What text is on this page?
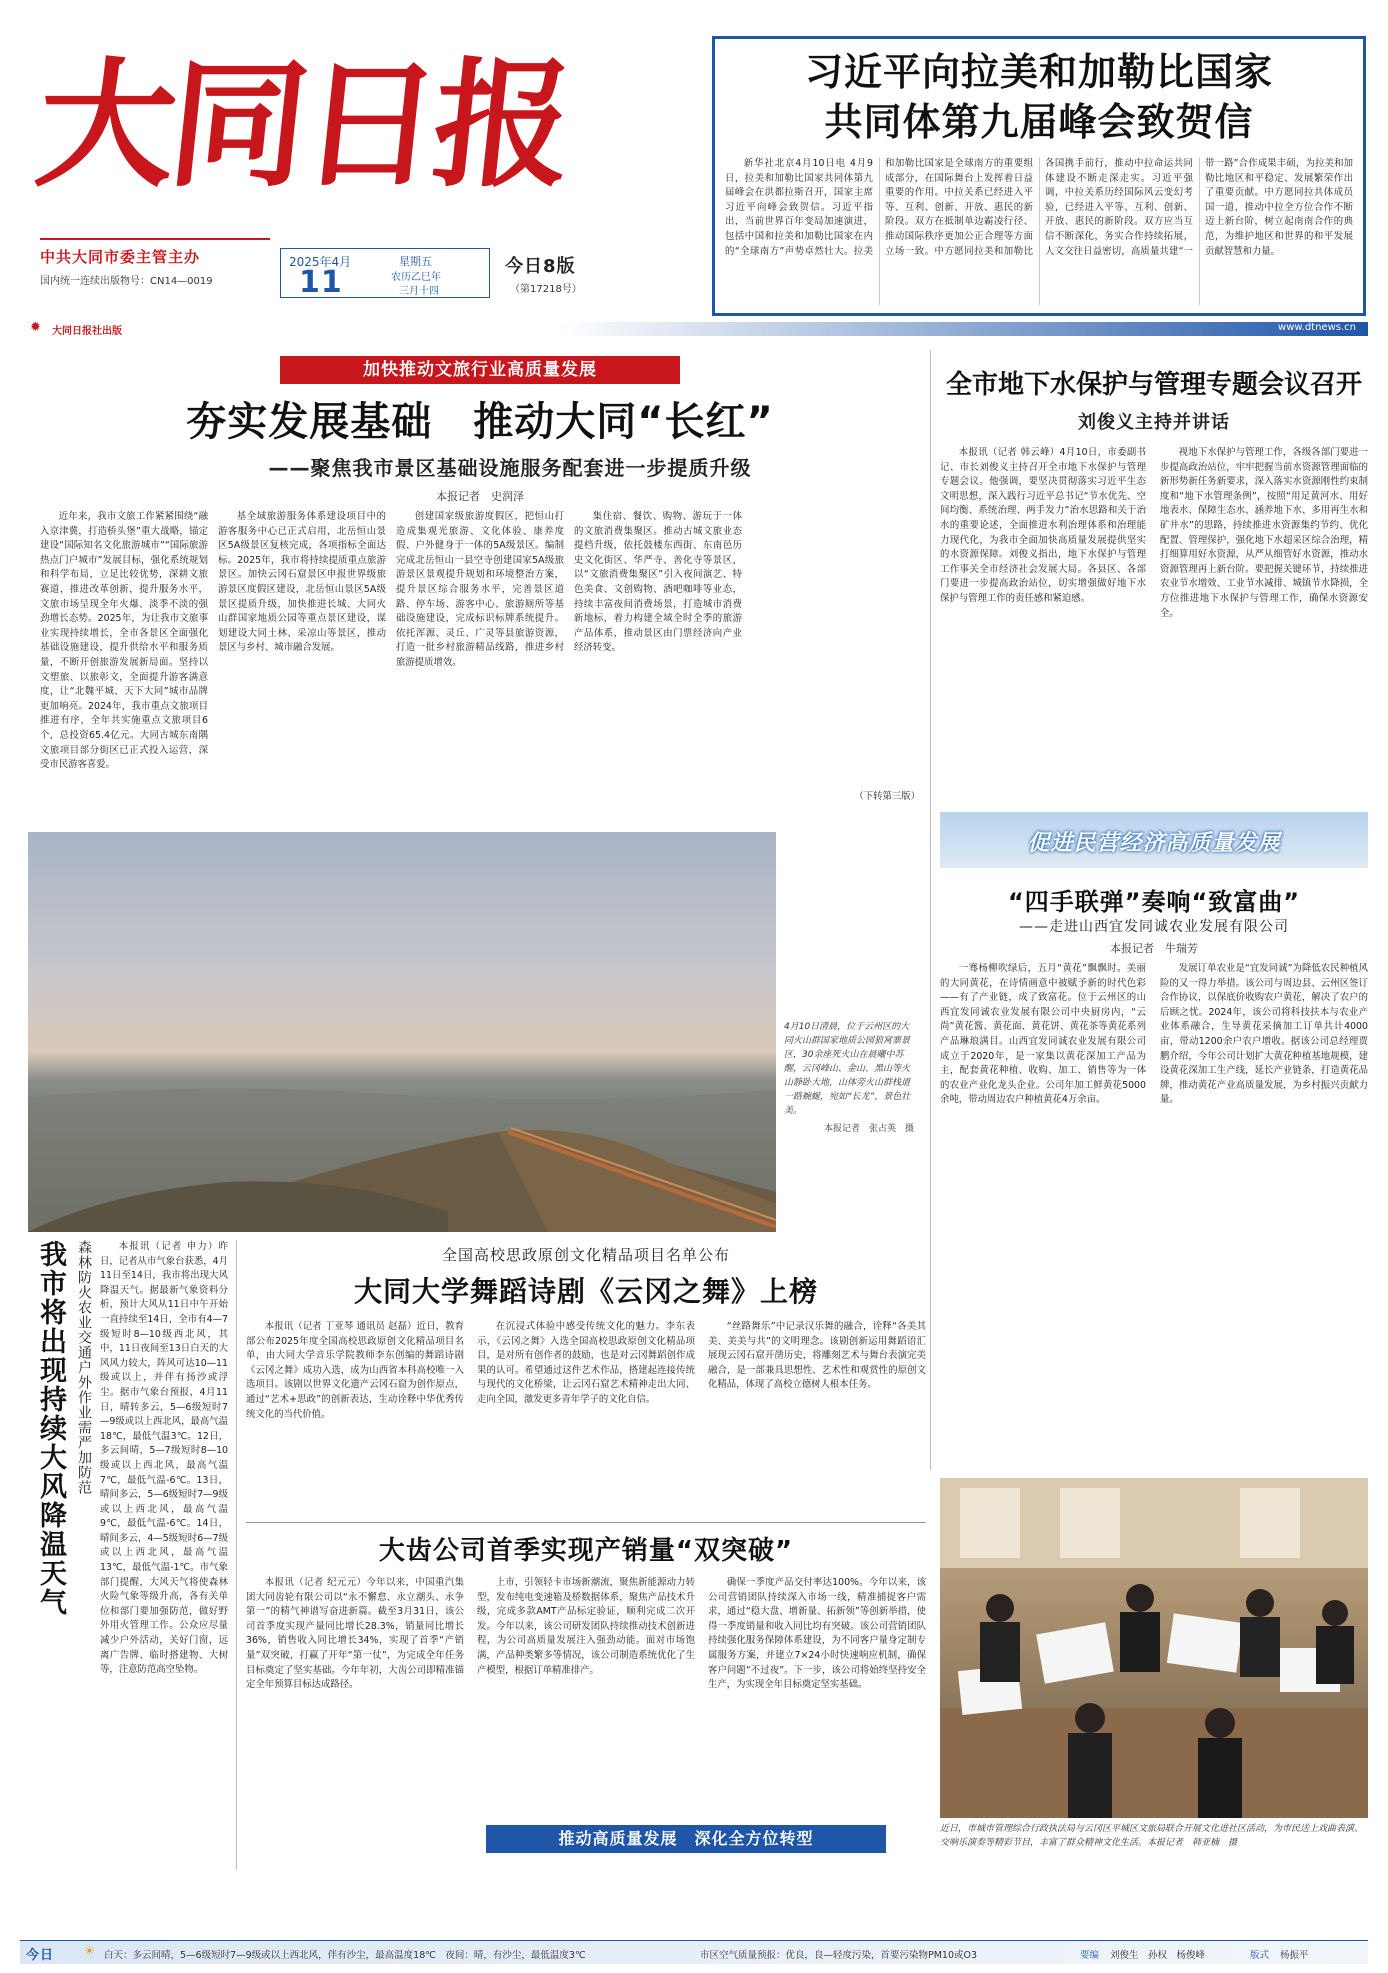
大同日报
中共大同市委主管主办
国内统一连续出版物号：CN14—0019
2025年4月
11
星期五
农历乙巳年
三月十四
今日8版
（第17218号）
习近平向拉美和加勒比国家
共同体第九届峰会致贺信
新华社北京4月10日电 4月9日，拉美和加勒比国家共同体第九届峰会在洪都拉斯召开，国家主席习近平向峰会致贺信。习近平指出，当前世界百年变局加速演进，包括中国和拉美和加勒比国家在内的“全球南方”声势卓然壮大。拉美和加勒比国家是全球南方的重要组成部分，在国际舞台上发挥着日益重要的作用。中拉关系已经进入平等、互利、创新、开放、惠民的新阶段。双方在抵制单边霸凌行径、推动国际秩序更加公正合理等方面立场一致。中方愿同拉美和加勒比各国携手前行，推动中拉命运共同体建设不断走深走实。习近平强调，中拉关系历经国际风云变幻考验，已经进入平等、互利、创新、开放、惠民的新阶段。双方应当互信不断深化，务实合作持续拓展，人文交往日益密切，高质量共建“一带一路”合作成果丰硕，为拉美和加勒比地区和平稳定、发展繁荣作出了重要贡献。中方愿同拉共体成员国一道，推动中拉全方位合作不断迈上新台阶，树立起南南合作的典范，为维护地区和世界的和平发展贡献智慧和力量。
✹ 大同日报社出版	www.dtnews.cn
加快推动文旅行业高质量发展
夯实发展基础　推动大同“长红”
——聚焦我市景区基础设施服务配套进一步提质升级
本报记者　史润泽
近年来，我市文旅工作紧紧围绕“融入京津冀，打造桥头堡”重大战略，锚定建设“国际知名文化旅游城市”“国际旅游热点门户城市”发展目标，强化系统规划和科学布局，立足比较优势，深耕文旅赛道，推进改革创新，提升服务水平，文旅市场呈现全年火爆、淡季不淡的强劲增长态势。2025年，为让我市文旅事业实现持续增长，全市各景区全面强化基础设施建设，提升供给水平和服务质量，不断开创旅游发展新局面。坚持以文塑旅、以旅彰文，全面提升游客满意度，让“北魏平城、天下大同”城市品牌更加响亮。2024年，我市重点文旅项目推进有序，全年共实施重点文旅项目6个，总投资65.4亿元。大同古城东南隅文旅项目部分街区已正式投入运营，深受市民游客喜爱。
基全域旅游服务体系建设项目中的游客服务中心已正式启用，北岳恒山景区5A级景区复核完成，各项指标全面达标。2025年，我市将持续提质重点旅游景区。加快云冈石窟景区申报世界级旅游景区度假区建设，北岳恒山景区5A级景区提质升级，加快推进长城、大同火山群国家地质公园等重点景区建设，谋划建设大同土林、采凉山等景区，推动景区与乡村、城市融合发展。
创建国家级旅游度假区，把恒山打造成集观光旅游、文化体验、康养度假、户外健身于一体的5A级景区。编制完成北岳恒山一县空寺创建国家5A级旅游景区景观提升规划和环境整治方案，提升景区综合服务水平，完善景区道路、停车场、游客中心、旅游厕所等基础设施建设，完成标识标牌系统提升。依托浑源、灵丘、广灵等县旅游资源，打造一批乡村旅游精品线路，推进乡村旅游提质增效。
集住宿、餐饮、购物、游玩于一体的文旅消费集聚区。推动古城文旅业态提档升级，依托鼓楼东西街、东南邑历史文化街区、华严寺、善化寺等景区，以“文旅消费集聚区”引入夜间演艺、特色美食、文创购物、酒吧咖啡等业态，持续丰富夜间消费场景，打造城市消费新地标，着力构建全域全时全季的旅游产品体系，推动景区由门票经济向产业经济转变。
（下转第三版）
4月10日清晨，位于云州区的大同火山群国家地质公园狼窝寨景区，30余座死火山在晨曦中苏醒，云冈峰山、金山、黑山等火山静卧大地，山体旁火山群栈道一路蜿蜒，宛如“长龙”，景色壮美。
本报记者　张占英　摄
全市地下水保护与管理专题会议召开
刘俊义主持并讲话
本报讯（记者 韩云峰）4月10日，市委副书记、市长刘俊义主持召开全市地下水保护与管理专题会议。他强调，要坚决贯彻落实习近平生态文明思想，深入践行习近平总书记“节水优先、空间均衡、系统治理、两手发力”治水思路和关于治水的重要论述，全面推进水利治理体系和治理能力现代化，为我市全面加快高质量发展提供坚实的水资源保障。刘俊义指出，地下水保护与管理工作事关全市经济社会发展大局。各县区、各部门要进一步提高政治站位，切实增强做好地下水保护与管理工作的责任感和紧迫感。
视地下水保护与管理工作，各级各部门要进一步提高政治站位，牢牢把握当前水资源管理面临的新形势新任务新要求，深入落实水资源刚性约束制度和“地下水管理条例”，按照“用足黄河水、用好地表水、保障生态水、涵养地下水、多用再生水和矿井水”的思路，持续推进水资源集约节约、优化配置、管理保护，强化地下水超采区综合治理，精打细算用好水资源，从严从细管好水资源，推动水资源管理再上新台阶。要把握关键环节，持续推进农业节水增效、工业节水减排、城镇节水降损，全方位推进地下水保护与管理工作，确保水资源安全。
促进民营经济高质量发展
“四手联弹”奏响“致富曲”
——走进山西宜发同诚农业发展有限公司
本报记者　牛瑞芳
一骞杨柳吹绿后，五月“黄花”飘飘时。美丽的大同黄花，在诗情画意中被赋予新的时代色彩——有了产业链，成了致富花。位于云州区的山西宜发同诚农业发展有限公司中央厨房内，“云尚”黄花酱、黄花面、黄花饼、黄花茶等黄花系列产品琳琅满目。山西宜发同诚农业发展有限公司成立于2020年，是一家集以黄花深加工产品为主，配套黄花种植、收购、加工、销售等为一体的农业产业化龙头企业。公司年加工鲜黄花5000余吨，带动周边农户种植黄花4万余亩。
发展订单农业是“宜发同诚”为降低农民种植风险的又一得力举措。该公司与周边县、云州区签订合作协议，以保底价收购农户黄花，解决了农户的后顾之忧。2024年，该公司将科技扶本与农业产业体系融合，生导黄花采摘加工订单共计4000亩，带动1200余户农户增收。据该公司总经理贾鹏介绍，今年公司计划扩大黄花种植基地规模，建设黄花深加工生产线，延长产业链条，打造黄花品牌，推动黄花产业高质量发展，为乡村振兴贡献力量。
我市将出现持续大风降温天气 森林防火农业交通户外作业需严加防范	本报讯（记者 申力）昨日，记者从市气象台获悉，4月11日至14日，我市将出现大风降温天气。据最新气象资料分析，预计大风从11日中午开始一直持续至14日，全市有4—7级短时8—10级西北风，其中，11日夜间至13日白天的大风风力较大，阵风可达10—11级或以上，并伴有扬沙或浮尘。据市气象台预报，4月11日，晴转多云，5—6级短时7—9级或以上西北风，最高气温18℃，最低气温3℃。12日，多云间晴，5—7级短时8—10级或以上西北风，最高气温7℃，最低气温-6℃。13日，晴间多云，5—6级短时7—9级或以上西北风，最高气温9℃，最低气温-6℃。14日，晴间多云，4—5级短时6—7级或以上西北风，最高气温13℃，最低气温-1℃。市气象部门提醒，大风天气将使森林火险气象等级升高，各有关单位和部门要加强防范，做好野外用火管理工作。公众应尽量减少户外活动，关好门窗，远离广告牌、临时搭建物、大树等，注意防范高空坠物。
全国高校思政原创文化精品项目名单公布
大同大学舞蹈诗剧《云冈之舞》上榜
本报讯（记者 丁亚琴 通讯员 赵磊）近日，教育部公布2025年度全国高校思政原创文化精品项目名单，由大同大学音乐学院教师李东创编的舞蹈诗剧《云冈之舞》成功入选，成为山西省本科高校唯一入选项目。该剧以世界文化遗产云冈石窟为创作原点，通过“艺术+思政”的创新表达，生动诠释中华优秀传统文化的当代价值。
在沉浸式体验中感受传统文化的魅力。李东表示，《云冈之舞》入选全国高校思政原创文化精品项目，是对所有创作者的鼓励，也是对云冈舞蹈创作成果的认可。希望通过这件艺术作品，搭建起连接传统与现代的文化桥梁，让云冈石窟艺术精神走出大同、走向全国，激发更多青年学子的文化自信。
“丝路舞乐”中记录汉乐舞的融合，诠释“各美其美、美美与共”的文明理念。该剧创新运用舞蹈语汇展现云冈石窟开凿历史，将雕刻艺术与舞台表演完美融合，是一部兼具思想性、艺术性和观赏性的原创文化精品，体现了高校立德树人根本任务。
大齿公司首季实现产销量“双突破”
本报讯（记者 纪元元）今年以来，中国重汽集团大同齿轮有限公司以“永不懈怠、永立潮头、永争第一”的精气神谱写奋进新篇。截至3月31日，该公司首季度实现产量同比增长28.3%，销量同比增长36%，销售收入同比增长34%，实现了首季“产销量”双突破，打赢了开年“第一仗”，为完成全年任务目标奠定了坚实基础。今年年初，大齿公司即精准锚定全年预算目标达成路径。
上市，引领轻卡市场新潮流，聚焦新能源动力转型，发布纯电变速箱及桥数据体系，聚焦产品技术升级，完成多款AMT产品标定验证，顺利完成二次开发。今年以来，该公司研发团队持续推动技术创新进程，为公司高质量发展注入强劲动能。面对市场饱满，产品种类繁多等情况，该公司制造系统优化了生产模型，根据订单精准排产。
确保一季度产品交付率达100%。今年以来，该公司营销团队持续深入市场一线，精准捕捉客户需求，通过“稳大盘、增新量、拓新领”等创新举措，使得一季度销量和收入同比均有突破。该公司营销团队持续强化服务保障体系建设，为不同客户量身定制专属服务方案，并建立7×24小时快速响应机制，确保客户问题“不过夜”。下一步，该公司将始终坚持安全生产，为实现全年目标奠定坚实基础。
推动高质量发展　深化全方位转型	近日，市城市管理综合行政执法局与云冈区平城区文旅局联合开展文化进社区活动，为市民送上戏曲表演、交响乐演奏等精彩节目，丰富了群众精神文化生活。本报记者　韩亚楠　摄
今日 ☀ 白天：多云间晴，5—6级短时7—9级或以上西北风，伴有沙尘，最高温度18℃　夜间：晴，有沙尘，最低温度3℃	市区空气质量预报：优良，良—轻度污染，首要污染物PM10或O3	要编 刘俊生　孙权　杨俊峰	版式 杨振平
